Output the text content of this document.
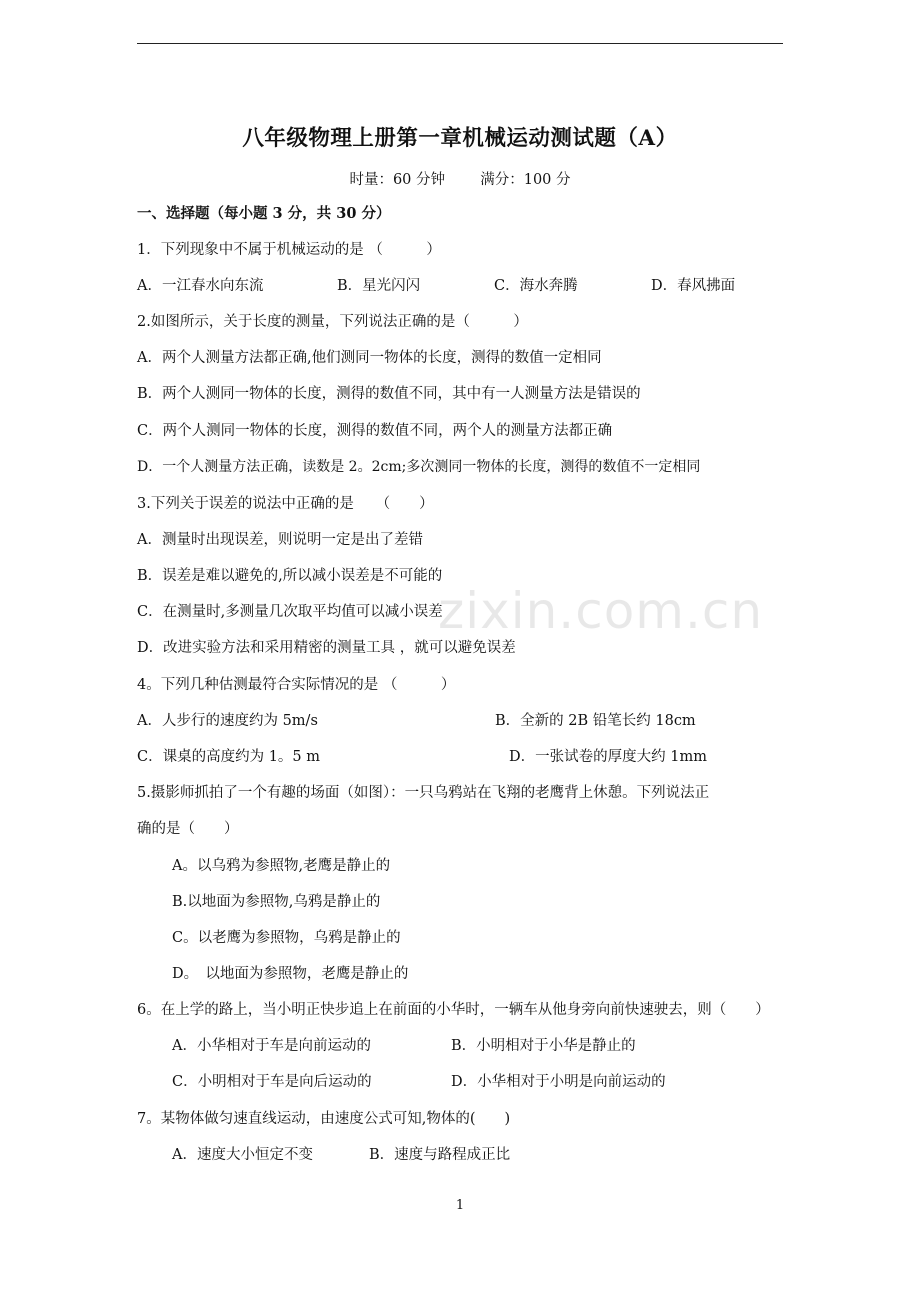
八年级物理上册第一章机械运动测试题（A）
时量：60 分钟 满分：100 分
一、选择题（每小题 3 分，共 30 分）
1．下列现象中不属于机械运动的是 （　　　）
A．一江春水向东流	B．星光闪闪	C．海水奔腾	D．春风拂面
2.如图所示，关于长度的测量，下列说法正确的是（　　　）
A．两个人测量方法都正确,他们测同一物体的长度，测得的数值一定相同
B．两个人测同一物体的长度，测得的数值不同，其中有一人测量方法是错误的
C．两个人测同一物体的长度，测得的数值不同，两个人的测量方法都正确
D．一个人测量方法正确，读数是 2。2cm;多次测同一物体的长度，测得的数值不一定相同
3.下列关于误差的说法中正确的是　　（　　）
A．测量时出现误差，则说明一定是出了差错
B．误差是难以避免的,所以减小误差是不可能的
C．在测量时,多测量几次取平均值可以减小误差
D．改进实验方法和采用精密的测量工具 ，就可以避免误差
zixin.com.cn
4。下列几种估测最符合实际情况的是 （　　　）
A．人步行的速度约为 5m/s	B．全新的 2B 铅笔长约 18cm
C．课桌的高度约为 1。5 m	D．一张试卷的厚度大约 1mm
5.摄影师抓拍了一个有趣的场面（如图）：一只乌鸦站在飞翔的老鹰背上休憩。下列说法正
确的是（　　）
A。以乌鸦为参照物,老鹰是静止的
B.以地面为参照物,乌鸦是静止的
C。以老鹰为参照物，乌鸦是静止的
D。　以地面为参照物，老鹰是静止的
6。在上学的路上，当小明正快步追上在前面的小华时，一辆车从他身旁向前快速驶去，则（　　）
A．小华相对于车是向前运动的	B．小明相对于小华是静止的
C．小明相对于车是向后运动的	D．小华相对于小明是向前运动的
7。某物体做匀速直线运动，由速度公式可知,物体的(　　)
A．速度大小恒定不变	B．速度与路程成正比
1
